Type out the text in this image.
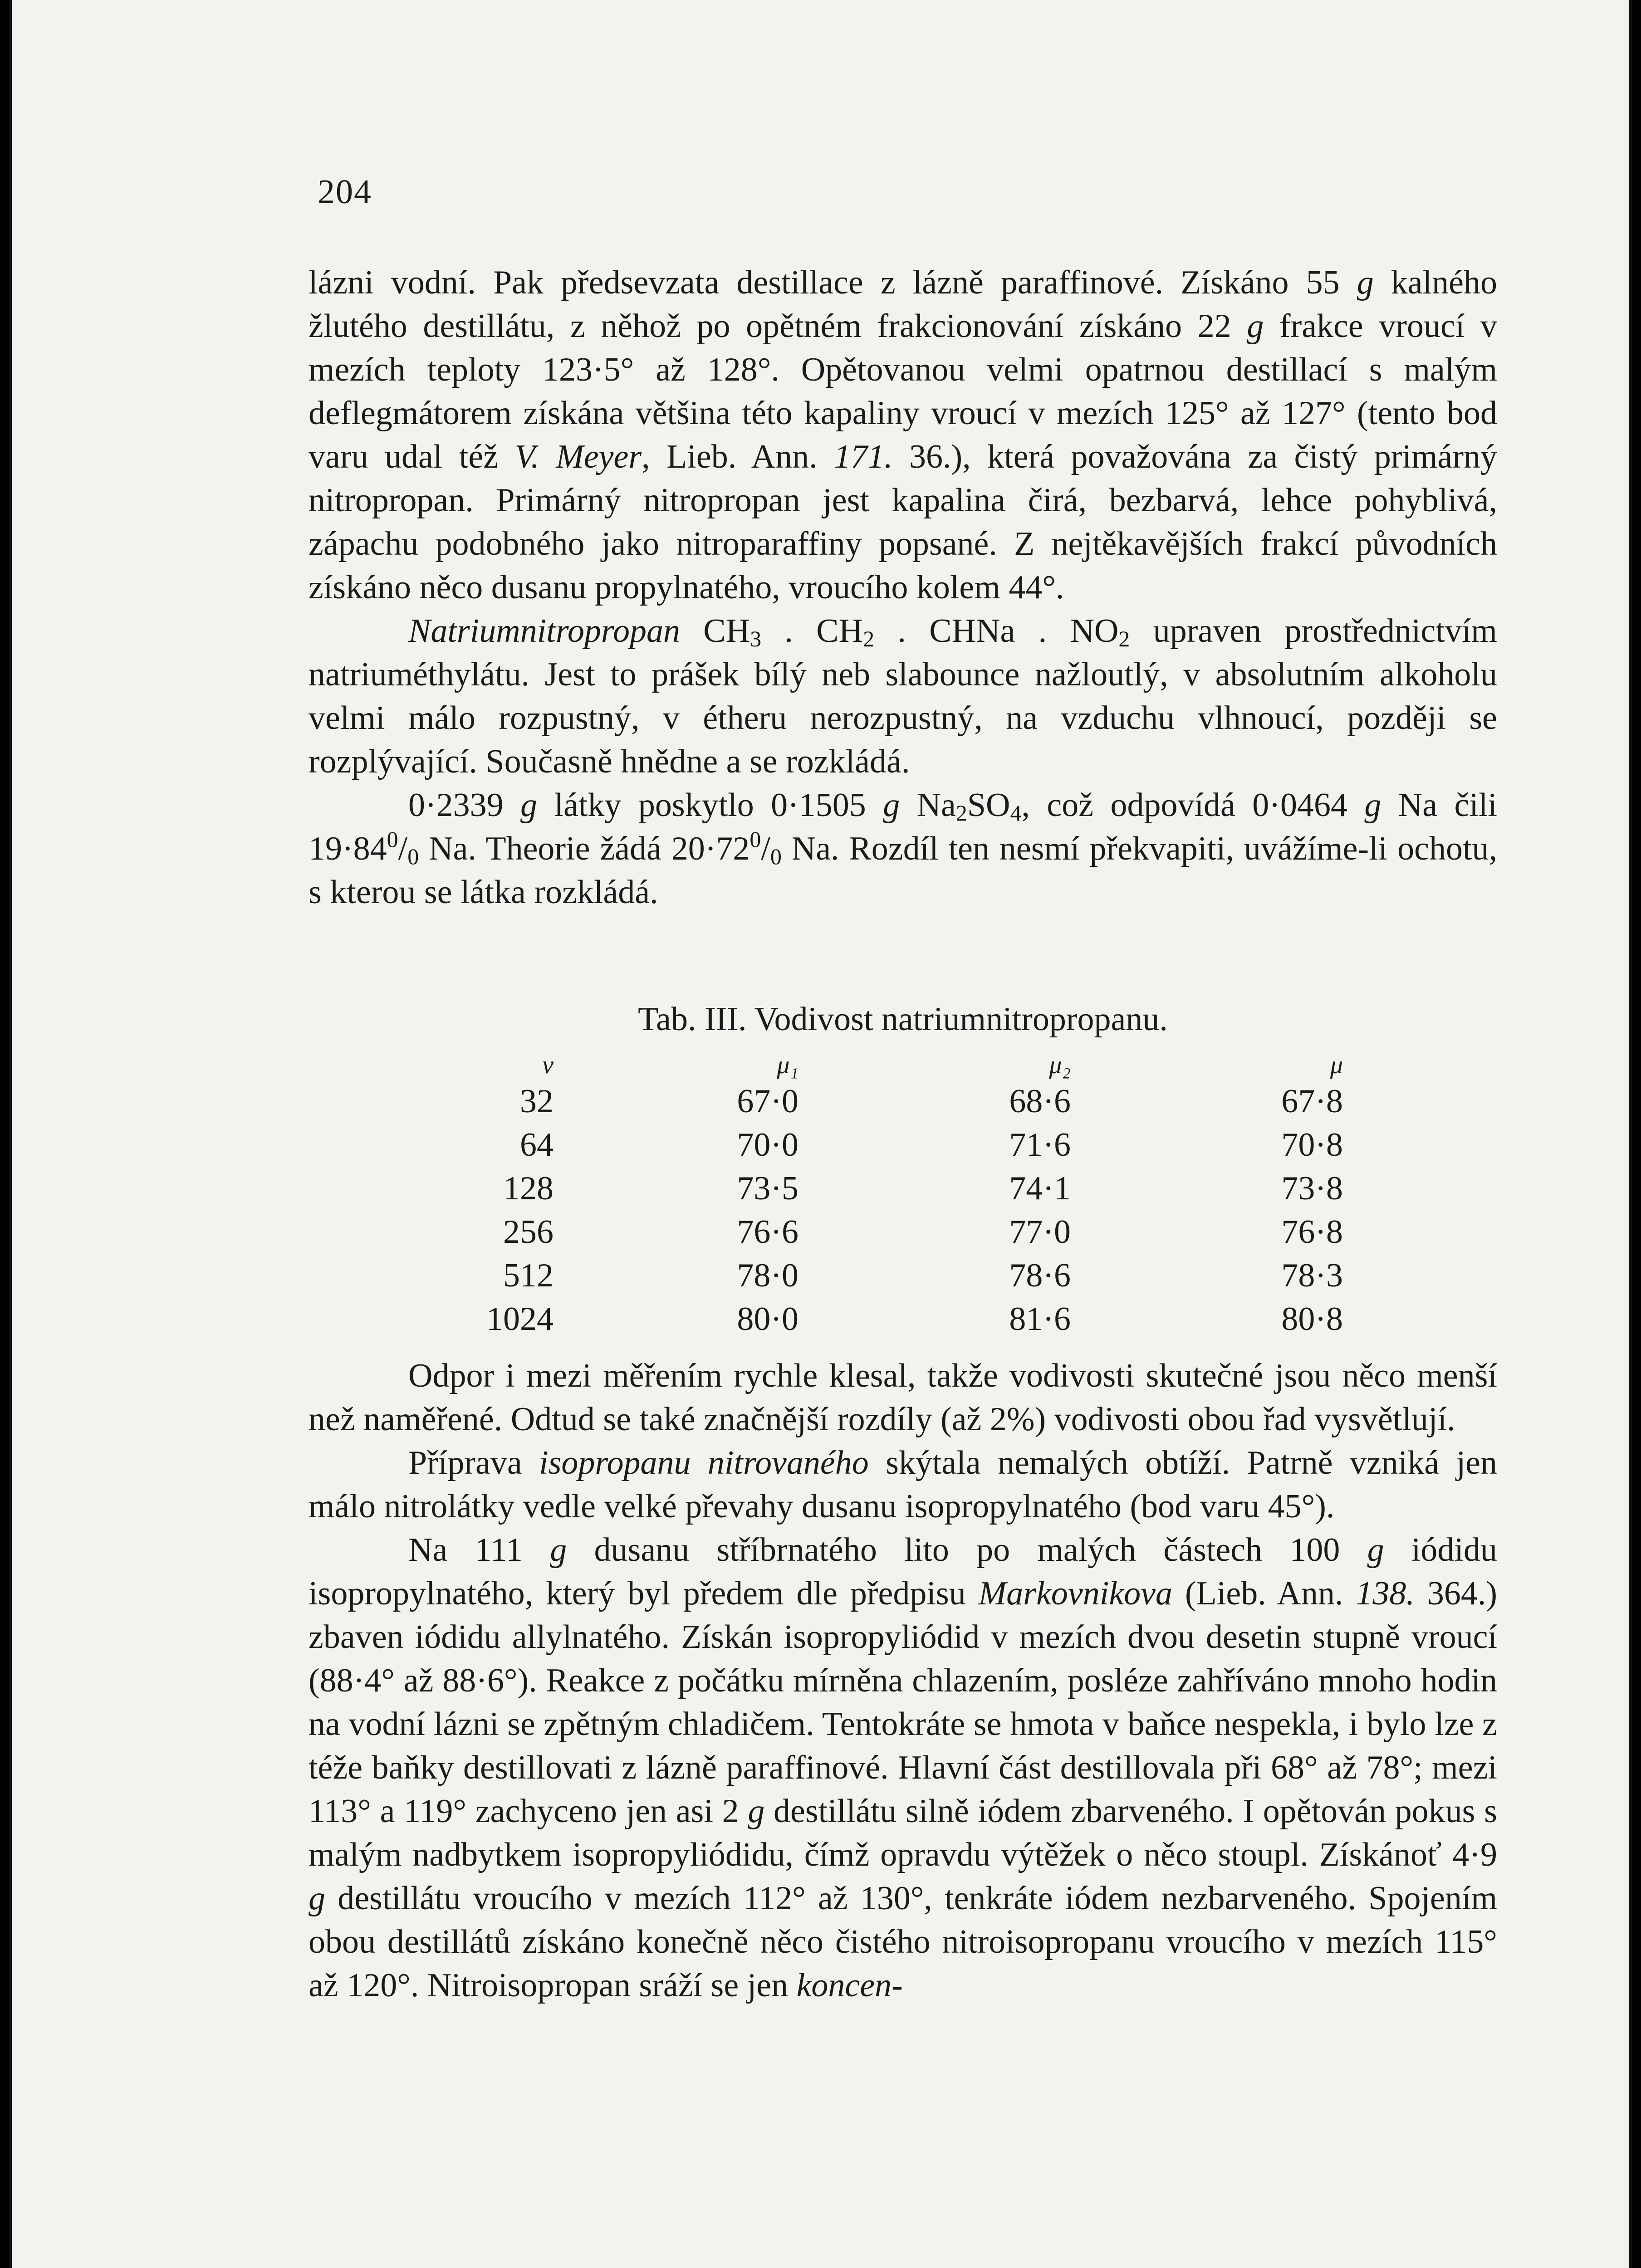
204

lázni vodní. Pak předsevzata destillace z lázně paraffinové. Získáno 55 g kalného žlutého destillátu, z něhož po opětném frakcionování získáno 22 g frakce vroucí v mezích teploty 123·5° až 128°. Opětovanou velmi opatrnou destillací s malým deflegmátorem získána většina této kapaliny vroucí v mezích 125° až 127° (tento bod varu udal též V. Meyer, Lieb. Ann. 171. 36.), která považována za čistý primárný nitropropan. Primárný nitropropan jest kapalina čirá, bezbarvá, lehce pohyblivá, zápachu podobného jako nitroparaffiny popsané. Z nejtěkavějších frakcí původních získáno něco dusanu propylnatého, vroucího kolem 44°.

Natriumnitropropan $CH_3$ . $CH_2$ . CHNa . $NO_2$ upraven prostřednictvím natriuméthylátu. Jest to prášek bílý neb slabounce nažloutlý, v absolutním alkoholu velmi málo rozpustný, v étheru nerozpustný, na vzduchu vlhnoucí, později se rozplývající. Současně hnědne a se rozkládá.

0·2339 g látky poskytlo 0·1505 g $Na_2SO_4$, což odpovídá 0·0464 g Na čili $19\cdot 84^0/_0$ Na. Theorie žádá $20\cdot 72^0/_0$ Na. Rozdíl ten nesmí překvapiti, uvážíme-li ochotu, s kterou se látka rozkládá.

Tab. III. Vodivost natriumnitropropanu.
v	μ₁	μ₂	μ
32	67·0	68·6	67·8
64	70·0	71·6	70·8
128	73·5	74·1	73·8
256	76·6	77·0	76·8
512	78·0	78·6	78·3
1024	80·0	81·6	80·8

Odpor i mezi měřením rychle klesal, takže vodivosti skutečné jsou něco menší než naměřené. Odtud se také značnější rozdíly (až 2%) vodivosti obou řad vysvětlují.

Příprava isopropanu nitrovaného skýtala nemalých obtíží. Patrně vzniká jen málo nitrolátky vedle velké převahy dusanu isopropylnatého (bod varu 45°).

Na 111 g dusanu stříbrnatého lito po malých částech 100 g iódidu isopropylnatého, který byl předem dle předpisu Markovnikova (Lieb. Ann. 138. 364.) zbaven iódidu allylnatého. Získán isopropyliódid v mezích dvou desetin stupně vroucí (88·4° až 88·6°). Reakce z počátku mírněna chlazením, posléze zahříváno mnoho hodin na vodní lázni se zpětným chladičem. Tentokráte se hmota v baňce nespekla, i bylo lze z téže baňky destillovati z lázně paraffinové. Hlavní část destillovala při 68° až 78°; mezi 113° a 119° zachyceno jen asi 2 g destillátu silně iódem zbarveného. I opětován pokus s malým nadbytkem isopropyliódidu, čímž opravdu výtěžek o něco stoupl. Získánoť 4·9 g destillátu vroucího v mezích 112° až 130°, tenkráte iódem nezbarveného. Spojením obou destillátů získáno konečně něco čistého nitroisopropanu vroucího v mezích 115° až 120°. Nitroisopropan sráží se jen koncen-
